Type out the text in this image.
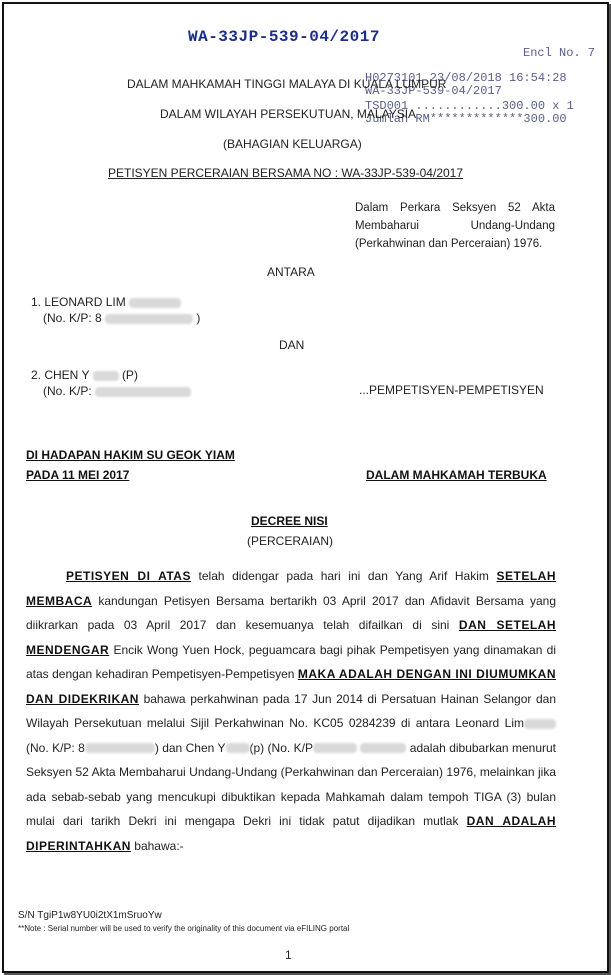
WA-33JP-539-04/2017
Encl No. 7
H0273101 23/08/2018 16:54:28
WA-33JP-539-04/2017
TSD001 ............300.00 x 1
Jumlah RM*************300.00
DALAM MAHKAMAH TINGGI MALAYA DI KUALA LUMPUR
DALAM WILAYAH PERSEKUTUAN, MALAYSIA
(BAHAGIAN KELUARGA)
PETISYEN PERCERAIAN BERSAMA NO : WA-33JP-539-04/2017
Dalam Perkara Seksyen 52 Akta Membaharui Undang-Undang (Perkahwinan dan Perceraian) 1976.
ANTARA
1. LEONARD LIM
(No. K/P: 8	)
DAN
2. CHEN Y	(P)
(No. K/P:	...PEMPETISYEN-PEMPETISYEN
DI HADAPAN HAKIM SU GEOK YIAM
PADA 11 MEI 2017	DALAM MAHKAMAH TERBUKA
DECREE NISI
(PERCERAIAN)
PETISYEN DI ATAS telah didengar pada hari ini dan Yang Arif Hakim SETELAH MEMBACA kandungan Petisyen Bersama bertarikh 03 April 2017 dan Afidavit Bersama yang diikrarkan pada 03 April 2017 dan kesemuanya telah difailkan di sini DAN SETELAH MENDENGAR Encik Wong Yuen Hock, peguamcara bagi pihak Pempetisyen yang dinamakan di atas dengan kehadiran Pempetisyen-Pempetisyen MAKA ADALAH DENGAN INI DIUMUMKAN DAN DIDEKRIKAN bahawa perkahwinan pada 17 Jun 2014 di Persatuan Hainan Selangor dan Wilayah Persekutuan melalui Sijil Perkahwinan No. KC05 0284239 di antara Leonard Lim (No. K/P: 8	) dan Chen Y (p) (No. K/P	adalah dibubarkan menurut Seksyen 52 Akta Membaharui Undang-Undang (Perkahwinan dan Perceraian) 1976, melainkan jika ada sebab-sebab yang mencukupi dibuktikan kepada Mahkamah dalam tempoh TIGA (3) bulan mulai dari tarikh Dekri ini mengapa Dekri ini tidak patut dijadikan mutlak DAN ADALAH DIPERINTAHKAN bahawa:-
S/N TgiP1w8YU0i2tX1mSruoYw
**Note : Serial number will be used to verify the originality of this document via eFILING portal
1
